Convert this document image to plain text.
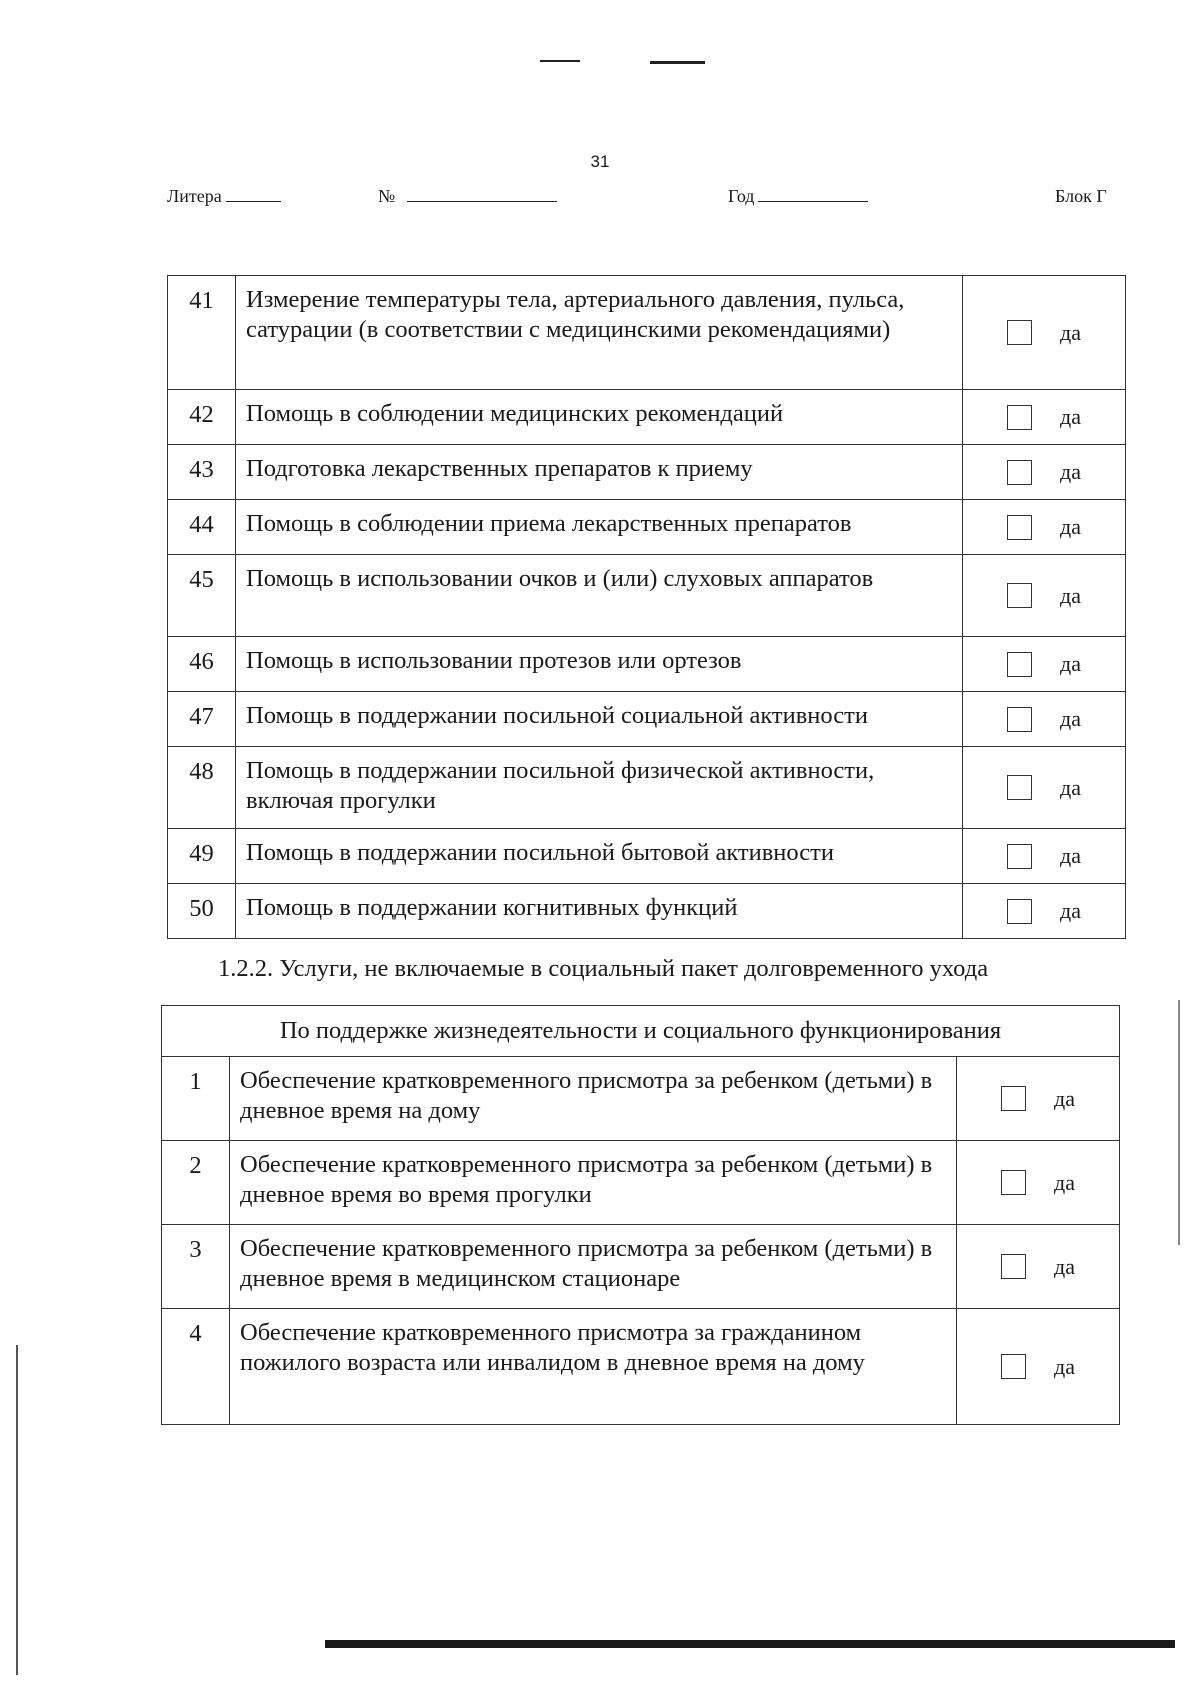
31
Литера	№	Год	Блок Г
41	Измерение температуры тела, артериального давления, пульса, сатурации (в соответствии с медицинскими рекомендациями)	да

42	Помощь в соблюдении медицинских рекомендаций	да

43	Подготовка лекарственных препаратов к приему	да

44	Помощь в соблюдении приема лекарственных препаратов	да

45	Помощь в использовании очков и (или) слуховых аппаратов	да

46	Помощь в использовании протезов или ортезов	да

47	Помощь в поддержании посильной социальной активности	да

48	Помощь в поддержании посильной физической активности, включая прогулки	да

49	Помощь в поддержании посильной бытовой активности	да

50	Помощь в поддержании когнитивных функций	да
1.2.2. Услуги, не включаемые в социальный пакет долговременного ухода
По поддержке жизнедеятельности и социального функционирования		
1	Обеспечение кратковременного присмотра за ребенком (детьми) в дневное время на дому	да

2	Обеспечение кратковременного присмотра за ребенком (детьми) в дневное время во время прогулки	да

3	Обеспечение кратковременного присмотра за ребенком (детьми) в дневное время в медицинском стационаре	да

4	Обеспечение кратковременного присмотра за гражданином пожилого возраста или инвалидом в дневное время на дому	да
